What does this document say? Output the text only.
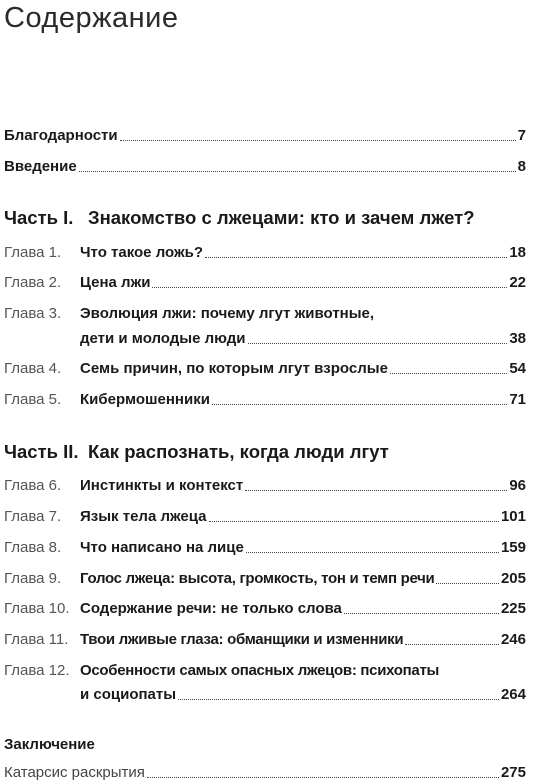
Содержание
Благодарности	7
Введение	8
Часть I. Знакомство с лжецами: кто и зачем лжет?
Глава 1.	Что такое ложь?	18
Глава 2.	Цена лжи	22
Глава 3.	Эволюция лжи: почему лгут животные,
дети и молодые люди	38
Глава 4.	Семь причин, по которым лгут взрослые	54
Глава 5.	Кибермошенники	71
Часть II. Как распознать, когда люди лгут
Глава 6.	Инстинкты и контекст	96
Глава 7.	Язык тела лжеца	101
Глава 8.	Что написано на лице	159
Глава 9.	Голос лжеца: высота, громкость, тон и темп речи	205
Глава 10. Содержание речи: не только слова	225
Глава 11. Твои лживые глаза: обманщики и изменники	246
Глава 12. Особенности самых опасных лжецов: психопаты
и социопаты	264
Заключение
Катарсис раскрытия	275
